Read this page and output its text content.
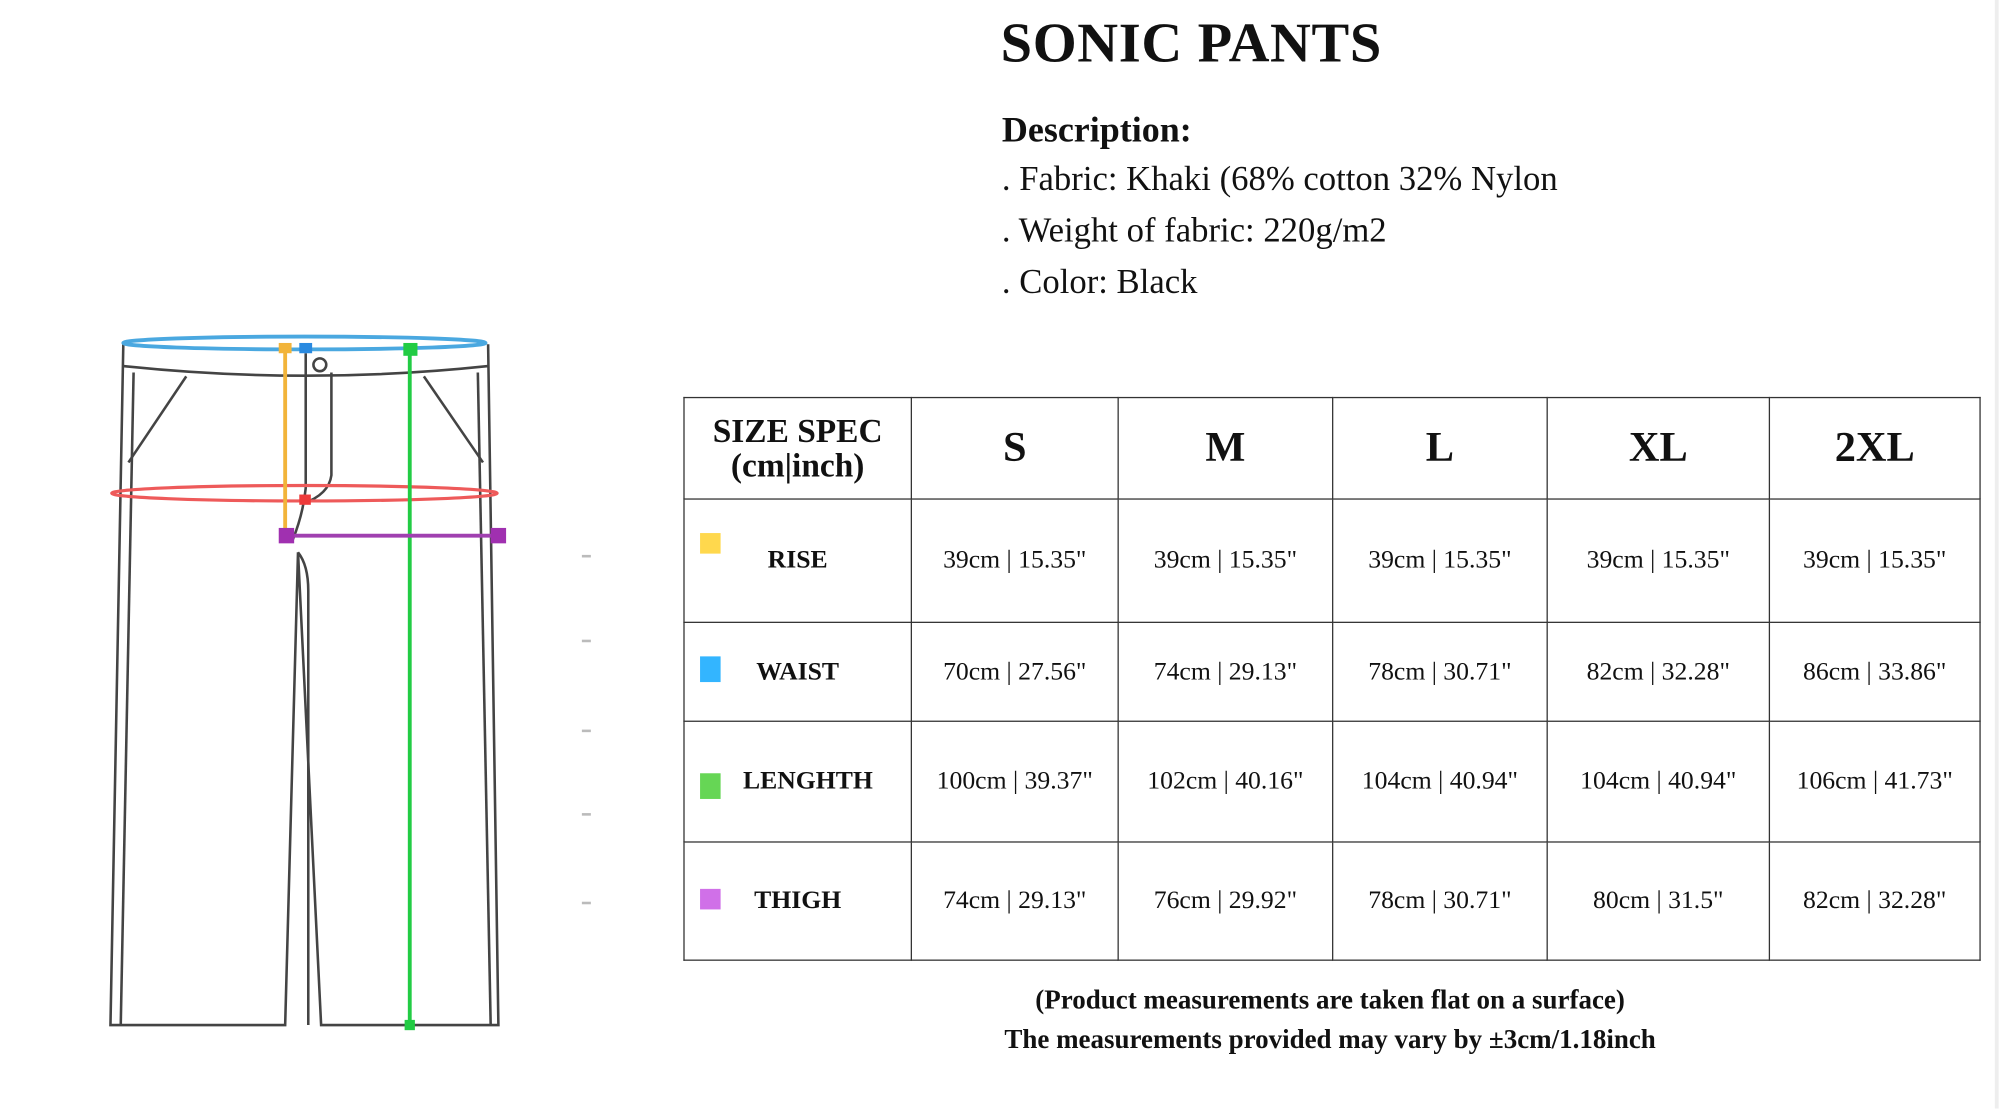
SONIC PANTS
Description:
. Fabric: Khaki (68% cotton 32% Nylon
. Weight of fabric: 220g/m2
. Color: Black
SIZE SPEC
(cm|inch)	S	M	L	XL	2XL

RISE	39cm | 15.35"	39cm | 15.35"	39cm | 15.35"	39cm | 15.35"	39cm | 15.35"

WAIST	70cm | 27.56"	74cm | 29.13"	78cm | 30.71"	82cm | 32.28"	86cm | 33.86"

LENGHTH	100cm | 39.37"	102cm | 40.16"	104cm | 40.94"	104cm | 40.94"	106cm | 41.73"

THIGH	74cm | 29.13"	76cm | 29.92"	78cm | 30.71"	80cm | 31.5"	82cm | 32.28"
(Product measurements are taken flat on a surface)
The measurements provided may vary by ±3cm/1.18inch
